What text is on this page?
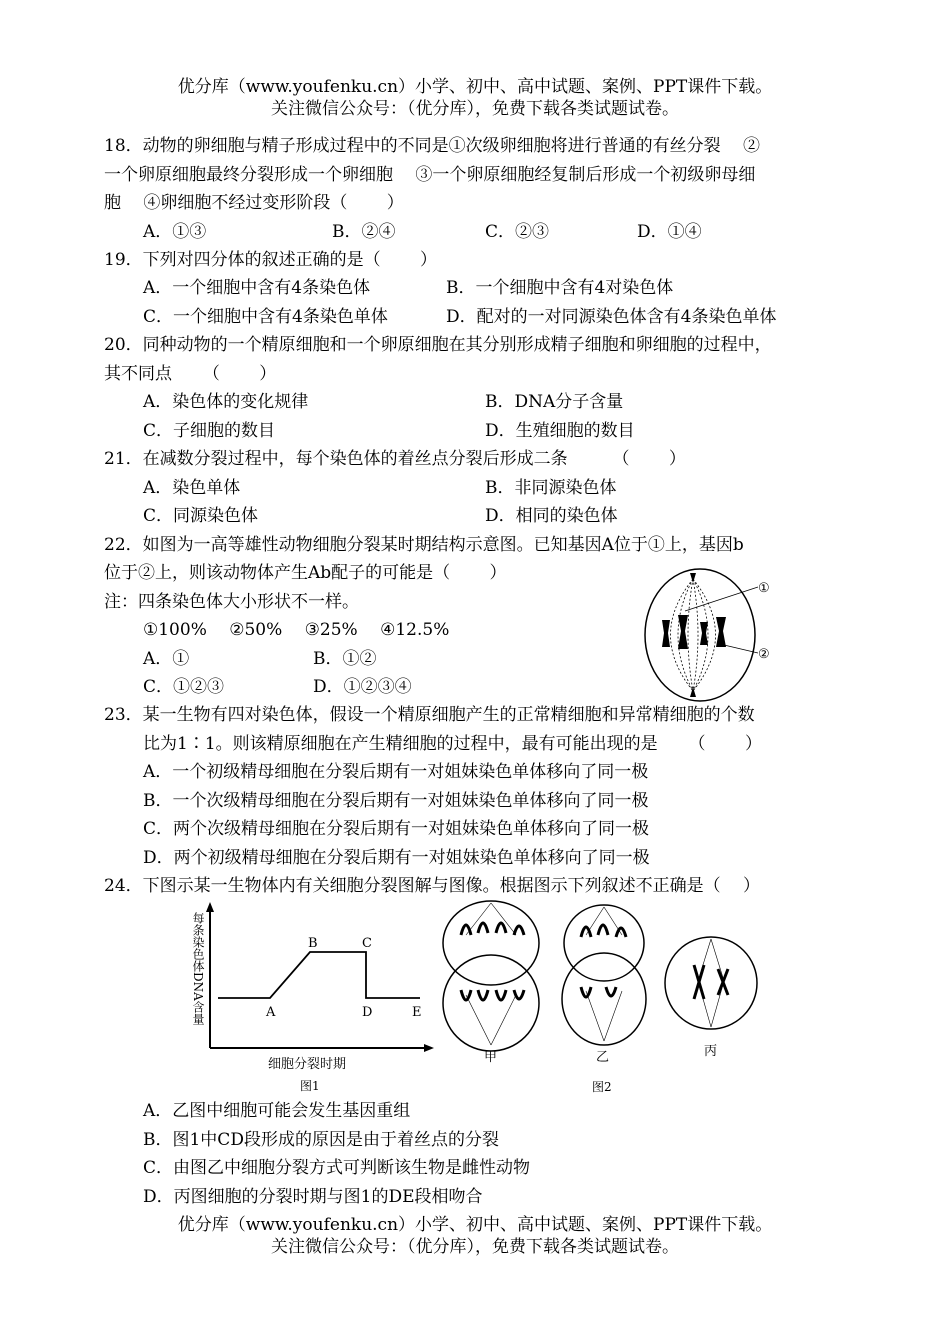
优分库（www.youfenku.cn）小学、初中、高中试题、案例、PPT课件下载。
关注微信公众号：（优分库），免费下载各类试题试卷。
18．动物的卵细胞与精子形成过程中的不同是①次级卵细胞将进行普通的有丝分裂 　②
一个卵原细胞最终分裂形成一个卵细胞 　③一个卵原细胞经复制后形成一个初级卵母细
胞 　④卵细胞不经过变形阶段（ 　　）
A．①③	B．②④	C．②③	D．①④
19．下列对四分体的叙述正确的是（ 　　）
A．一个细胞中含有4条染色体	B．一个细胞中含有4对染色体
C．一个细胞中含有4条染色单体	D．配对的一对同源染色体含有4条染色单体
20．同种动物的一个精原细胞和一个卵原细胞在其分别形成精子细胞和卵细胞的过程中，
其不同点 　　（ 　　）
A．染色体的变化规律	B．DNA分子含量
C．子细胞的数目	D．生殖细胞的数目
21．在减数分裂过程中，每个染色体的着丝点分裂后形成二条 　　 （ 　　）
A．染色单体	B．非同源染色体
C．同源染色体	D．相同的染色体
22．如图为一高等雄性动物细胞分裂某时期结构示意图。已知基因A位于①上，基因b
位于②上，则该动物体产生Ab配子的可能是（ 　　）
注：四条染色体大小形状不一样。
①100% 　②50% 　③25% 　④12.5%
A．①	B．①②
C．①②③	D．①②③④
①
②
23．某一生物有四对染色体，假设一个精原细胞产生的正常精细胞和异常精细胞的个数
比为1∶1。则该精原细胞在产生精细胞的过程中，最有可能出现的是 　　（ 　　）
A．一个初级精母细胞在分裂后期有一对姐妹染色单体移向了同一极
B．一个次级精母细胞在分裂后期有一对姐妹染色单体移向了同一极
C．两个次级精母细胞在分裂后期有一对姐妹染色单体移向了同一极
D．两个初级精母细胞在分裂后期有一对姐妹染色单体移向了同一极
24．下图示某一生物体内有关细胞分裂图解与图像。根据图示下列叙述不正确是（ 　）
每条染色体DNA含量	A
B	C
D	E
细胞分裂时期
图1
甲	乙	丙
图2
A．乙图中细胞可能会发生基因重组
B．图1中CD段形成的原因是由于着丝点的分裂
C．由图乙中细胞分裂方式可判断该生物是雌性动物
D．丙图细胞的分裂时期与图1的DE段相吻合
优分库（www.youfenku.cn）小学、初中、高中试题、案例、PPT课件下载。
关注微信公众号：（优分库），免费下载各类试题试卷。
